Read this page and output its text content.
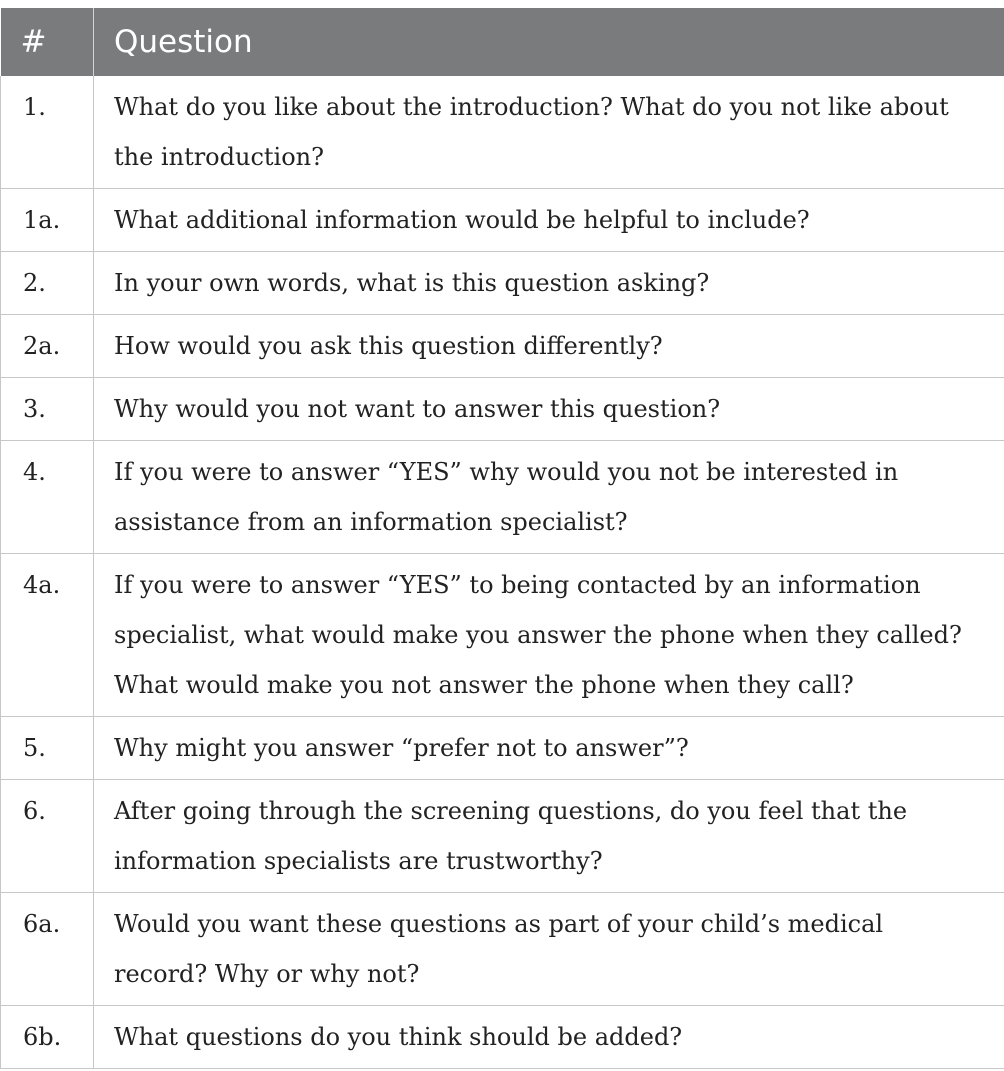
#	Question
1.	What do you like about the introduction? What do you not like about the introduction?
1a.	What additional information would be helpful to include?
2.	In your own words, what is this question asking?
2a.	How would you ask this question differently?
3.	Why would you not want to answer this question?
4.	If you were to answer “YES” why would you not be interested in assistance from an information specialist?
4a.	If you were to answer “YES” to being contacted by an information specialist, what would make you answer the phone when they called? What would make you not answer the phone when they call?
5.	Why might you answer “prefer not to answer”?
6.	After going through the screening questions, do you feel that the information specialists are trustworthy?
6a.	Would you want these questions as part of your child’s medical record? Why or why not?
6b.	What questions do you think should be added?
